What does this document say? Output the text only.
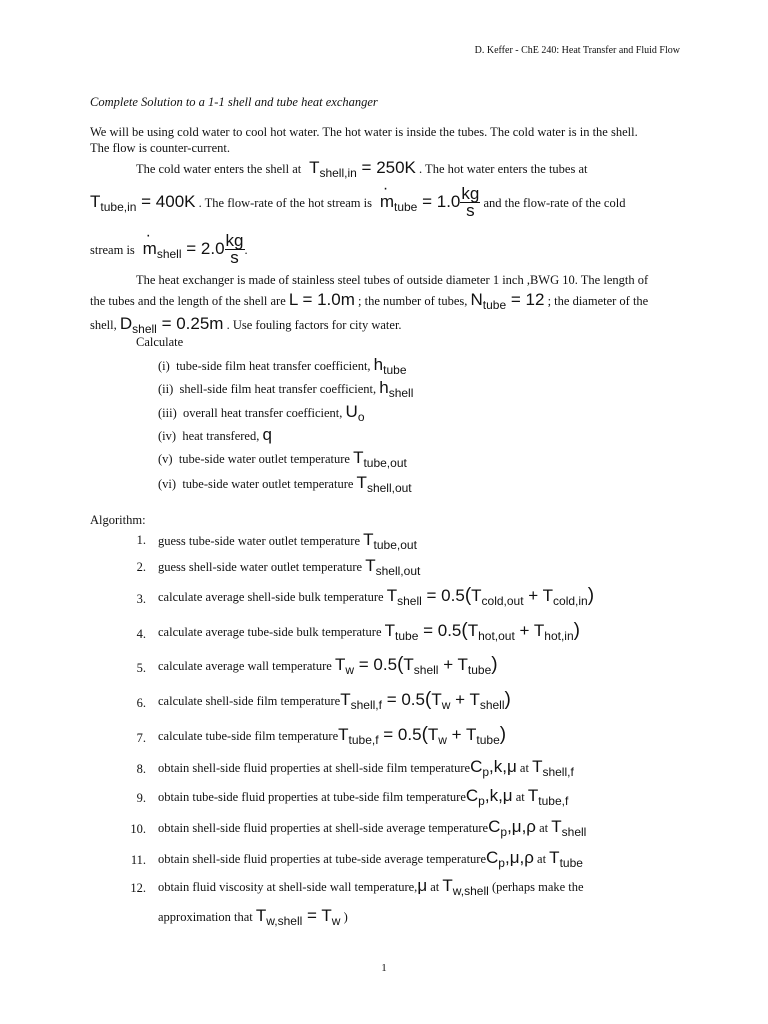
D. Keffer - ChE 240: Heat Transfer and Fluid Flow
Complete Solution to a 1-1 shell and tube heat exchanger
We will be using cold water to cool hot water. The hot water is inside the tubes. The cold water is in the shell.
The flow is counter-current.
The cold water enters the shell at  $T_{shell,in} = 250K$ . The hot water enters the tubes at
$T_{tube,in} = 400K$ . The flow-rate of the hot stream is · $m_{tube} = 1.0 \frac{kg}{s}$ and the flow-rate of the cold
stream is · $m_{shell} = 2.0 \frac{kg}{s}$ .
The heat exchanger is made of stainless steel tubes of outside diameter 1 inch ,BWG 10. The length of
the tubes and the length of the shell are L = 1.0m ; the number of tubes, $N_{tube} = 12$ ; the diameter of the
shell, $D_{shell} = 0.25m$ . Use fouling factors for city water.
Calculate
(i) tube-side film heat transfer coefficient, $h_{tube}$
(ii) shell-side film heat transfer coefficient, $h_{shell}$
(iii) overall heat transfer coefficient, $U_o$
(iv) heat transfered, q
(v) tube-side water outlet temperature $T_{tube,out}$
(vi) tube-side water outlet temperature $T_{shell,out}$
Algorithm:
1. guess tube-side water outlet temperature $T_{tube,out}$
2. guess shell-side water outlet temperature $T_{shell,out}$
3. calculate average shell-side bulk temperature $T_{shell} = 0.5(T_{cold,out} + T_{cold,in})$
4. calculate average tube-side bulk temperature $T_{tube} = 0.5(T_{hot,out} + T_{hot,in})$
5. calculate average wall temperature $T_w = 0.5(T_{shell} + T_{tube})$
6. calculate shell-side film temperatureT$_{shell,f}$ = $0.5(T_w + T_{shell})$
7. calculate tube-side film temperatureT$_{tube,f}$ = $0.5(T_w + T_{tube})$
8. obtain shell-side fluid properties at shell-side film temperatureC$_p$,k,μ at $T_{shell,f}$
9. obtain tube-side fluid properties at tube-side film temperatureC$_p$,k,μ at $T_{tube,f}$
10. obtain shell-side fluid properties at shell-side average temperatureC$_p$,μ,ρ at $T_{shell}$
11. obtain shell-side fluid properties at tube-side average temperatureC$_p$,μ,ρ at $T_{tube}$
12. obtain fluid viscosity at shell-side wall temperature,μ at $T_{w,shell}$ (perhaps make the
approximation that $T_{w,shell} = T_w$ )
1
